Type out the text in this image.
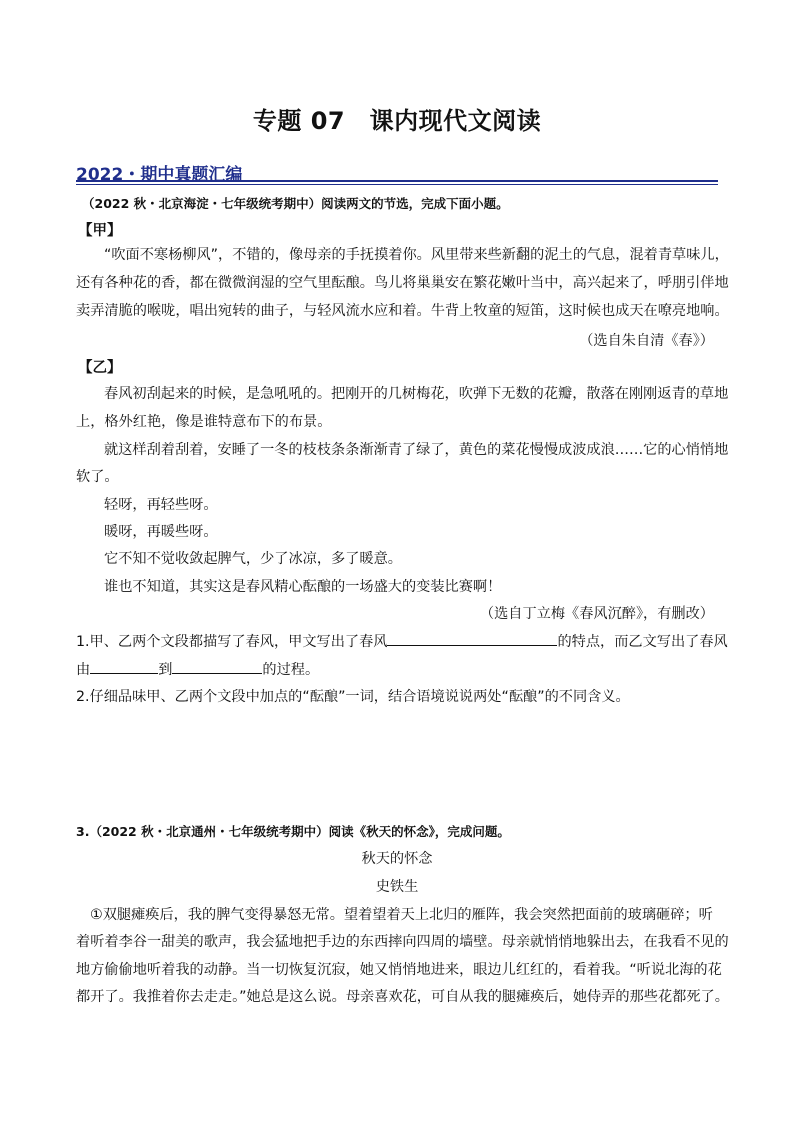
专题 07　课内现代文阅读
2022・期中真题汇编
（2022 秋・北京海淀・七年级统考期中）阅读两文的节选，完成下面小题。
【甲】
“吹面不寒杨柳风”，不错的，像母亲的手抚摸着你。风里带来些新翻的泥土的气息，混着青草味儿，
还有各种花的香，都在微微润湿的空气里酝酿。鸟儿将巢巢安在繁花嫩叶当中，高兴起来了，呼朋引伴地
卖弄清脆的喉咙，唱出宛转的曲子，与轻风流水应和着。牛背上牧童的短笛，这时候也成天在嘹亮地响。
（选自朱自清《春》）
【乙】
春风初刮起来的时候，是急吼吼的。把刚开的几树梅花，吹弹下无数的花瓣，散落在刚刚返青的草地
上，格外红艳，像是谁特意布下的布景。
就这样刮着刮着，安睡了一冬的枝枝条条渐渐青了绿了，黄色的菜花慢慢成波成浪……它的心悄悄地
软了。
轻呀，再轻些呀。
暖呀，再暖些呀。
它不知不觉收敛起脾气，少了冰凉，多了暖意。
谁也不知道，其实这是春风精心酝酿的一场盛大的变装比赛啊！
（选自丁立梅《春风沉醉》，有删改）
1.甲、乙两个文段都描写了春风，甲文写出了春风	的特点，而乙文写出了春风
由	到	的过程。
2.仔细品味甲、乙两个文段中加点的“酝酿”一词，结合语境说说两处“酝酿”的不同含义。
3.（2022 秋・北京通州・七年级统考期中）阅读《秋天的怀念》，完成问题。
秋天的怀念
史铁生
①双腿瘫痪后，我的脾气变得暴怒无常。望着望着天上北归的雁阵，我会突然把面前的玻璃砸碎；听
着听着李谷一甜美的歌声，我会猛地把手边的东西摔向四周的墙壁。母亲就悄悄地躲出去，在我看不见的
地方偷偷地听着我的动静。当一切恢复沉寂，她又悄悄地进来，眼边儿红红的，看着我。“听说北海的花
都开了。我推着你去走走。”她总是这么说。母亲喜欢花，可自从我的腿瘫痪后，她侍弄的那些花都死了。
